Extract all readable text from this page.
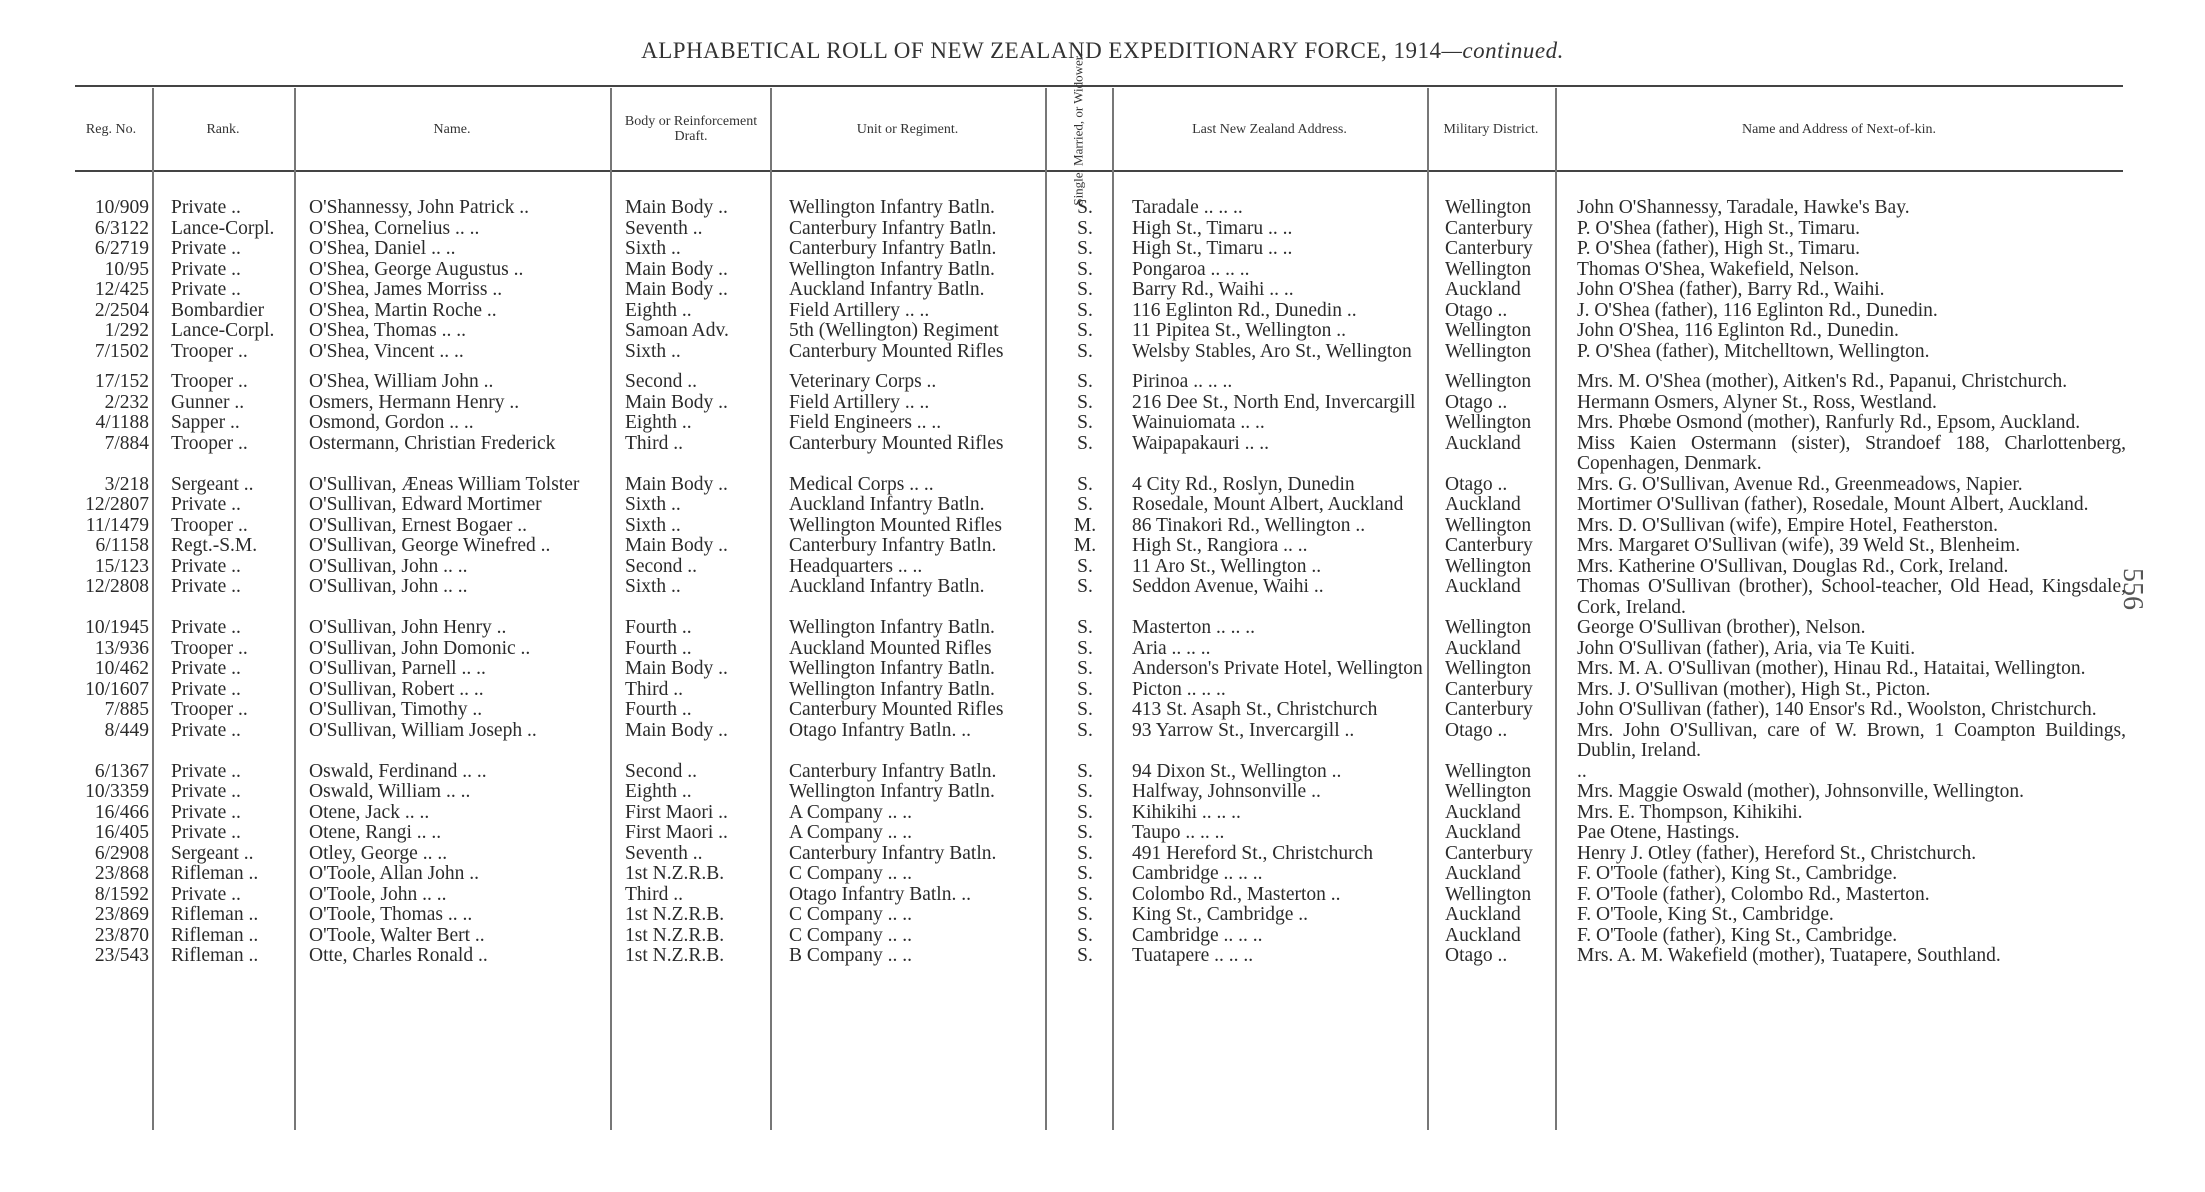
ALPHABETICAL ROLL OF NEW ZEALAND EXPEDITIONARY FORCE, 1914—continued.
Reg. No.	Rank.	Name.	Body or Reinforcement Draft.	Unit or Regiment.	Single, Married, or Widower.	Last New Zealand Address.	Military District.	Name and Address of Next-of-kin.
10/909	Private ..	O'Shannessy, John Patrick ..	Main Body ..	Wellington Infantry Batln.	S.	Taradale .. .. ..	Wellington	John O'Shannessy, Taradale, Hawke's Bay.
6/3122	Lance-Corpl.	O'Shea, Cornelius .. ..	Seventh ..	Canterbury Infantry Batln.	S.	High St., Timaru .. ..	Canterbury	P. O'Shea (father), High St., Timaru.
6/2719	Private ..	O'Shea, Daniel .. ..	Sixth ..	Canterbury Infantry Batln.	S.	High St., Timaru .. ..	Canterbury	P. O'Shea (father), High St., Timaru.
10/95	Private ..	O'Shea, George Augustus ..	Main Body ..	Wellington Infantry Batln.	S.	Pongaroa .. .. ..	Wellington	Thomas O'Shea, Wakefield, Nelson.
12/425	Private ..	O'Shea, James Morriss ..	Main Body ..	Auckland Infantry Batln.	S.	Barry Rd., Waihi .. ..	Auckland	John O'Shea (father), Barry Rd., Waihi.
2/2504	Bombardier	O'Shea, Martin Roche ..	Eighth ..	Field Artillery .. ..	S.	116 Eglinton Rd., Dunedin ..	Otago ..	J. O'Shea (father), 116 Eglinton Rd., Dunedin.
1/292	Lance-Corpl.	O'Shea, Thomas .. ..	Samoan Adv.	5th (Wellington) Regiment	S.	11 Pipitea St., Wellington ..	Wellington	John O'Shea, 116 Eglinton Rd., Dunedin.
7/1502	Trooper ..	O'Shea, Vincent .. ..	Sixth ..	Canterbury Mounted Rifles	S.	Welsby Stables, Aro St., Wellington	Wellington	P. O'Shea (father), Mitchelltown, Wellington.
17/152	Trooper ..	O'Shea, William John ..	Second ..	Veterinary Corps ..	S.	Pirinoa .. .. ..	Wellington	Mrs. M. O'Shea (mother), Aitken's Rd., Papanui, Christchurch.
2/232	Gunner ..	Osmers, Hermann Henry ..	Main Body ..	Field Artillery .. ..	S.	216 Dee St., North End, Invercargill	Otago ..	Hermann Osmers, Alyner St., Ross, Westland.
4/1188	Sapper ..	Osmond, Gordon .. ..	Eighth ..	Field Engineers .. ..	S.	Wainuiomata .. ..	Wellington	Mrs. Phœbe Osmond (mother), Ranfurly Rd., Epsom, Auckland.
7/884	Trooper ..	Ostermann, Christian Frederick	Third ..	Canterbury Mounted Rifles	S.	Waipapakauri .. ..	Auckland	Miss Kaien Ostermann (sister), Strandoef 188, Charlottenberg, Copenhagen, Denmark.
3/218	Sergeant ..	O'Sullivan, Æneas William Tolster	Main Body ..	Medical Corps .. ..	S.	4 City Rd., Roslyn, Dunedin	Otago ..	Mrs. G. O'Sullivan, Avenue Rd., Greenmeadows, Napier.
12/2807	Private ..	O'Sullivan, Edward Mortimer	Sixth ..	Auckland Infantry Batln.	S.	Rosedale, Mount Albert, Auckland	Auckland	Mortimer O'Sullivan (father), Rosedale, Mount Albert, Auckland.
11/1479	Trooper ..	O'Sullivan, Ernest Bogaer ..	Sixth ..	Wellington Mounted Rifles	M.	86 Tinakori Rd., Wellington ..	Wellington	Mrs. D. O'Sullivan (wife), Empire Hotel, Featherston.
6/1158	Regt.-S.M.	O'Sullivan, George Winefred ..	Main Body ..	Canterbury Infantry Batln.	M.	High St., Rangiora .. ..	Canterbury	Mrs. Margaret O'Sullivan (wife), 39 Weld St., Blenheim.
15/123	Private ..	O'Sullivan, John .. ..	Second ..	Headquarters .. ..	S.	11 Aro St., Wellington ..	Wellington	Mrs. Katherine O'Sullivan, Douglas Rd., Cork, Ireland.
12/2808	Private ..	O'Sullivan, John .. ..	Sixth ..	Auckland Infantry Batln.	S.	Seddon Avenue, Waihi ..	Auckland	Thomas O'Sullivan (brother), School-teacher, Old Head, Kingsdale, Cork, Ireland.
10/1945	Private ..	O'Sullivan, John Henry ..	Fourth ..	Wellington Infantry Batln.	S.	Masterton .. .. ..	Wellington	George O'Sullivan (brother), Nelson.
13/936	Trooper ..	O'Sullivan, John Domonic ..	Fourth ..	Auckland Mounted Rifles	S.	Aria .. .. ..	Auckland	John O'Sullivan (father), Aria, via Te Kuiti.
10/462	Private ..	O'Sullivan, Parnell .. ..	Main Body ..	Wellington Infantry Batln.	S.	Anderson's Private Hotel, Wellington	Wellington	Mrs. M. A. O'Sullivan (mother), Hinau Rd., Hataitai, Wellington.
10/1607	Private ..	O'Sullivan, Robert .. ..	Third ..	Wellington Infantry Batln.	S.	Picton .. .. ..	Canterbury	Mrs. J. O'Sullivan (mother), High St., Picton.
7/885	Trooper ..	O'Sullivan, Timothy ..	Fourth ..	Canterbury Mounted Rifles	S.	413 St. Asaph St., Christchurch	Canterbury	John O'Sullivan (father), 140 Ensor's Rd., Woolston, Christchurch.
8/449	Private ..	O'Sullivan, William Joseph ..	Main Body ..	Otago Infantry Batln. ..	S.	93 Yarrow St., Invercargill ..	Otago ..	Mrs. John O'Sullivan, care of W. Brown, 1 Coampton Buildings, Dublin, Ireland.
6/1367	Private ..	Oswald, Ferdinand .. ..	Second ..	Canterbury Infantry Batln.	S.	94 Dixon St., Wellington ..	Wellington	..
10/3359	Private ..	Oswald, William .. ..	Eighth ..	Wellington Infantry Batln.	S.	Halfway, Johnsonville ..	Wellington	Mrs. Maggie Oswald (mother), Johnsonville, Wellington.
16/466	Private ..	Otene, Jack .. ..	First Maori ..	A Company .. ..	S.	Kihikihi .. .. ..	Auckland	Mrs. E. Thompson, Kihikihi.
16/405	Private ..	Otene, Rangi .. ..	First Maori ..	A Company .. ..	S.	Taupo .. .. ..	Auckland	Pae Otene, Hastings.
6/2908	Sergeant ..	Otley, George .. ..	Seventh ..	Canterbury Infantry Batln.	S.	491 Hereford St., Christchurch	Canterbury	Henry J. Otley (father), Hereford St., Christchurch.
23/868	Rifleman ..	O'Toole, Allan John ..	1st N.Z.R.B.	C Company .. ..	S.	Cambridge .. .. ..	Auckland	F. O'Toole (father), King St., Cambridge.
8/1592	Private ..	O'Toole, John .. ..	Third ..	Otago Infantry Batln. ..	S.	Colombo Rd., Masterton ..	Wellington	F. O'Toole (father), Colombo Rd., Masterton.
23/869	Rifleman ..	O'Toole, Thomas .. ..	1st N.Z.R.B.	C Company .. ..	S.	King St., Cambridge ..	Auckland	F. O'Toole, King St., Cambridge.
23/870	Rifleman ..	O'Toole, Walter Bert ..	1st N.Z.R.B.	C Company .. ..	S.	Cambridge .. .. ..	Auckland	F. O'Toole (father), King St., Cambridge.
23/543	Rifleman ..	Otte, Charles Ronald ..	1st N.Z.R.B.	B Company .. ..	S.	Tuatapere .. .. ..	Otago ..	Mrs. A. M. Wakefield (mother), Tuatapere, Southland.
556
